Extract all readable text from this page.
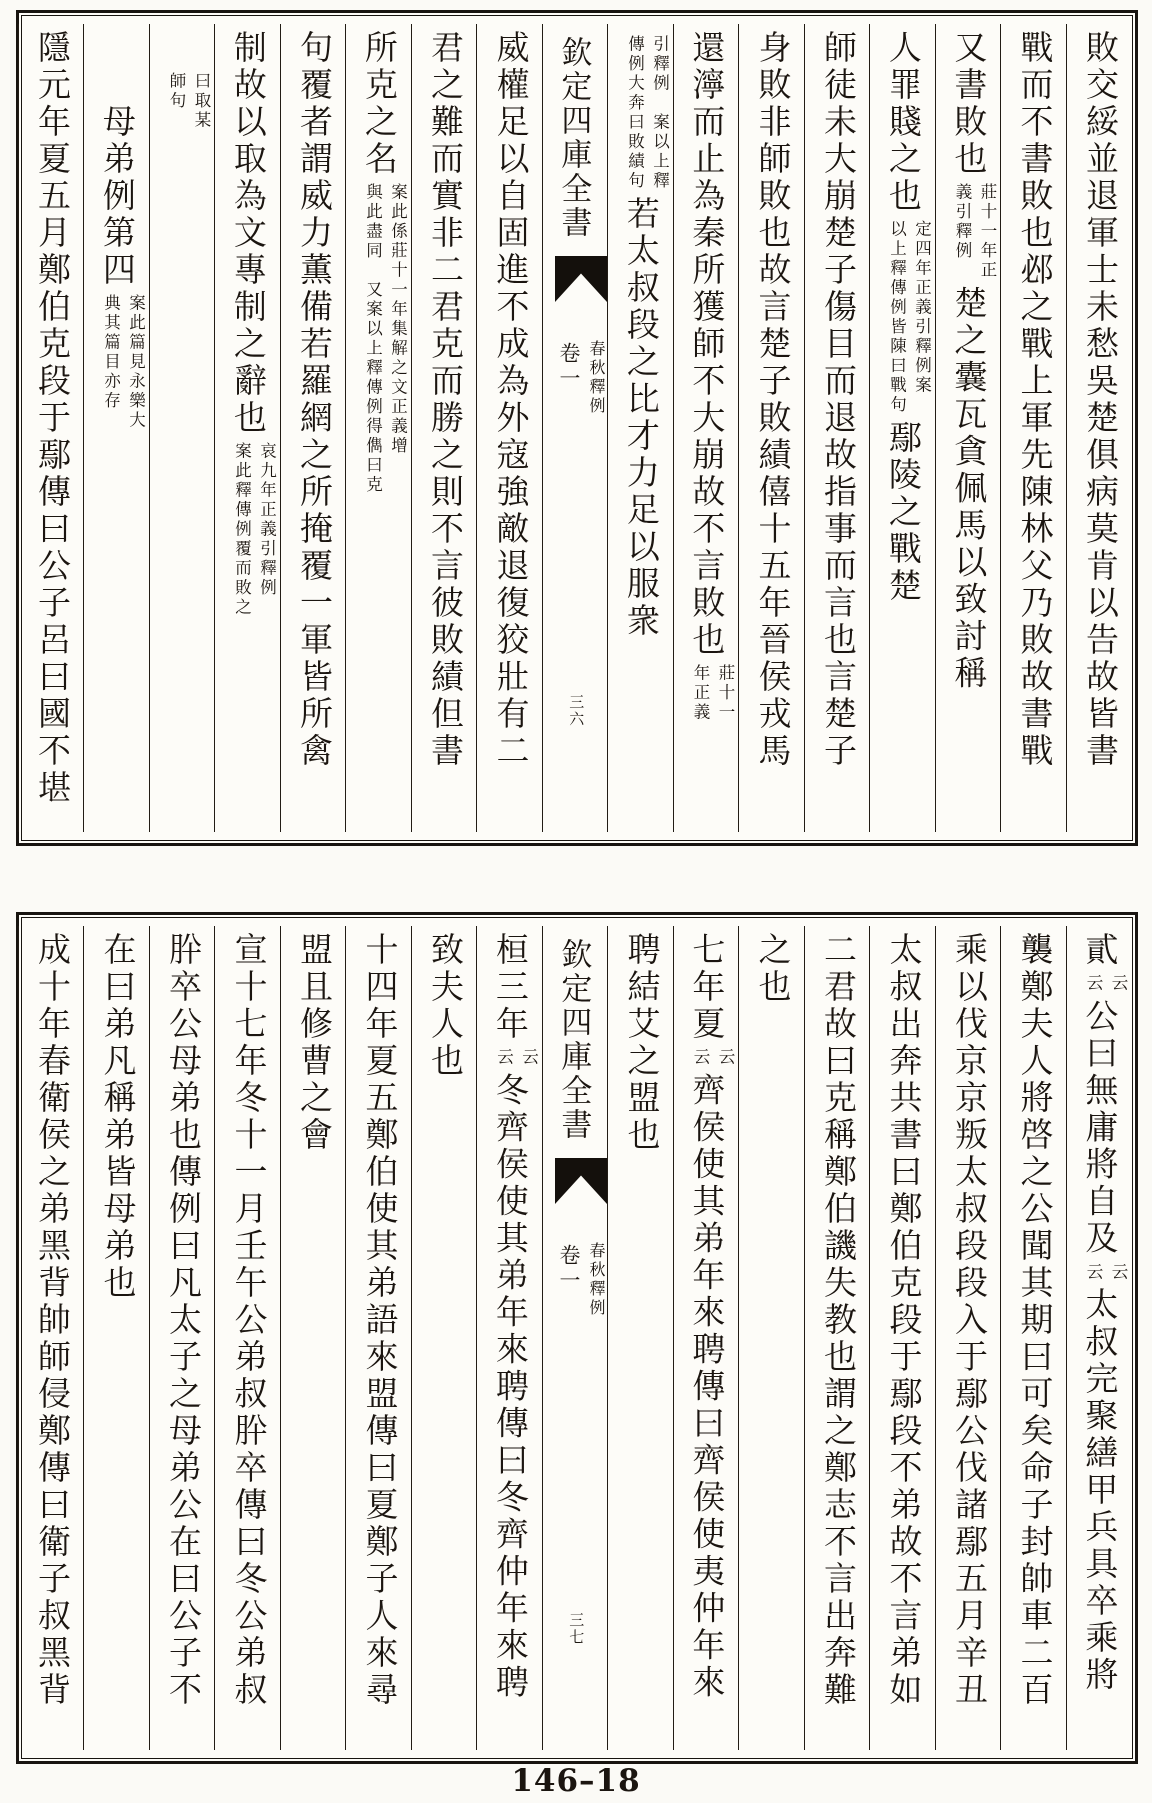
敗交綏並退軍士未愁吳楚俱病莫肯以告故皆書
戰而不書敗也邲之戰上軍先陳林父乃敗故書戰
又書敗也
莊十一年正
義引釋例
楚之囊瓦貪佩馬以致討稱
人罪賤之也
定四年正義引釋例案
以上釋傳例皆陳曰戰句
鄢陵之戰楚
師徒未大崩楚子傷目而退故指事而言也言楚子
身敗非師敗也故言楚子敗績僖十五年晉侯戎馬
還濘而止為秦所獲師不大崩故不言敗也
莊十一
年正義
引釋例　案以上釋
傳例大奔曰敗績句
若太叔段之比才力足以服衆
欽定四庫全書
春秋釋例
卷一
三六
威權足以自固進不成為外寇強敵退復狡壯有二
君之難而實非二君克而勝之則不言彼敗績但書
所克之名
案此係莊十一年集解之文正義增
與此盡同　又案以上釋傳例得儁曰克
句覆者謂威力薫備若羅網之所掩覆一軍皆所禽
制故以取為文專制之辭也
哀九年正義引釋例
案此釋傳例覆而敗之
曰取某
師句
母弟例第四
案此篇見永樂大
典其篇目亦存
隱元年夏五月鄭伯克段于鄢傳曰公子呂曰國不堪
貳
云
云
公曰無庸將自及
云
云
太叔完聚繕甲兵具卒乘將
襲鄭夫人將啓之公聞其期曰可矣命子封帥車二百
乘以伐京京叛太叔段段入于鄢公伐諸鄢五月辛丑
太叔出奔共書曰鄭伯克段于鄢段不弟故不言弟如
二君故曰克稱鄭伯譏失教也謂之鄭志不言出奔難
之也
七年夏
云
云
齊侯使其弟年來聘傳曰齊侯使夷仲年來
聘結艾之盟也
欽定四庫全書
春秋釋例
卷一
三七
桓三年
云
云
冬齊侯使其弟年來聘傳曰冬齊仲年來聘
致夫人也
十四年夏五鄭伯使其弟語來盟傳曰夏鄭子人來尋
盟且修曹之會
宣十七年冬十一月壬午公弟叔肸卒傳曰冬公弟叔
肸卒公母弟也傳例曰凡太子之母弟公在曰公子不
在曰弟凡稱弟皆母弟也
成十年春衛侯之弟黑背帥師侵鄭傳曰衛子叔黑背
146–18
